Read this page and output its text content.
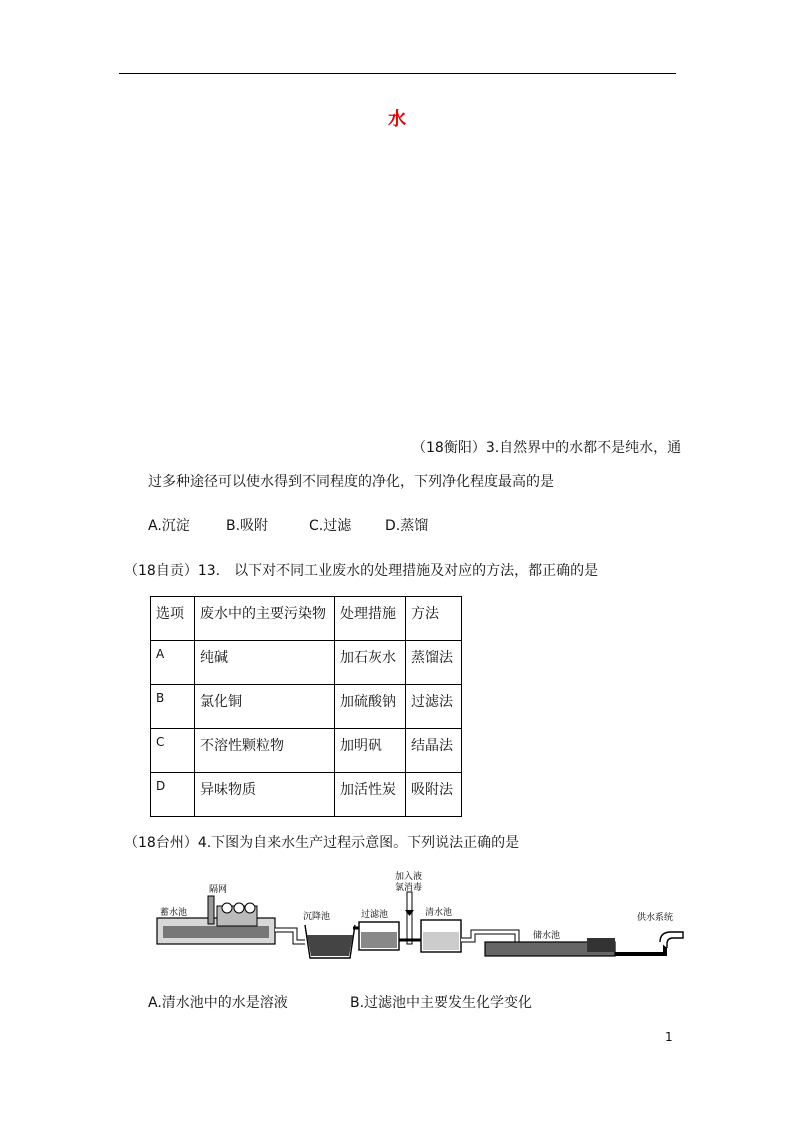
水
（18衡阳）3.自然界中的水都不是纯水，通
过多种途径可以使水得到不同程度的净化，下列净化程度最高的是
A.沉淀	B.吸附	C.过滤 D.蒸馏
（18自贡）13.　以下对不同工业废水的处理措施及对应的方法，都正确的是
选项	废水中的主要污染物	处理措施	方法
A	纯碱	加石灰水	蒸馏法
B	氯化铜	加硫酸钠	过滤法
C	不溶性颗粒物	加明矾	结晶法
D	异味物质	加活性炭	吸附法
（18台州）4.下图为自来水生产过程示意图。下列说法正确的是
蓄水池
隔网
沉降池	过滤池
加入液
氯消毒
清水池
储水池
供水系统
A.清水池中的水是溶液	B.过滤池中主要发生化学变化
1
